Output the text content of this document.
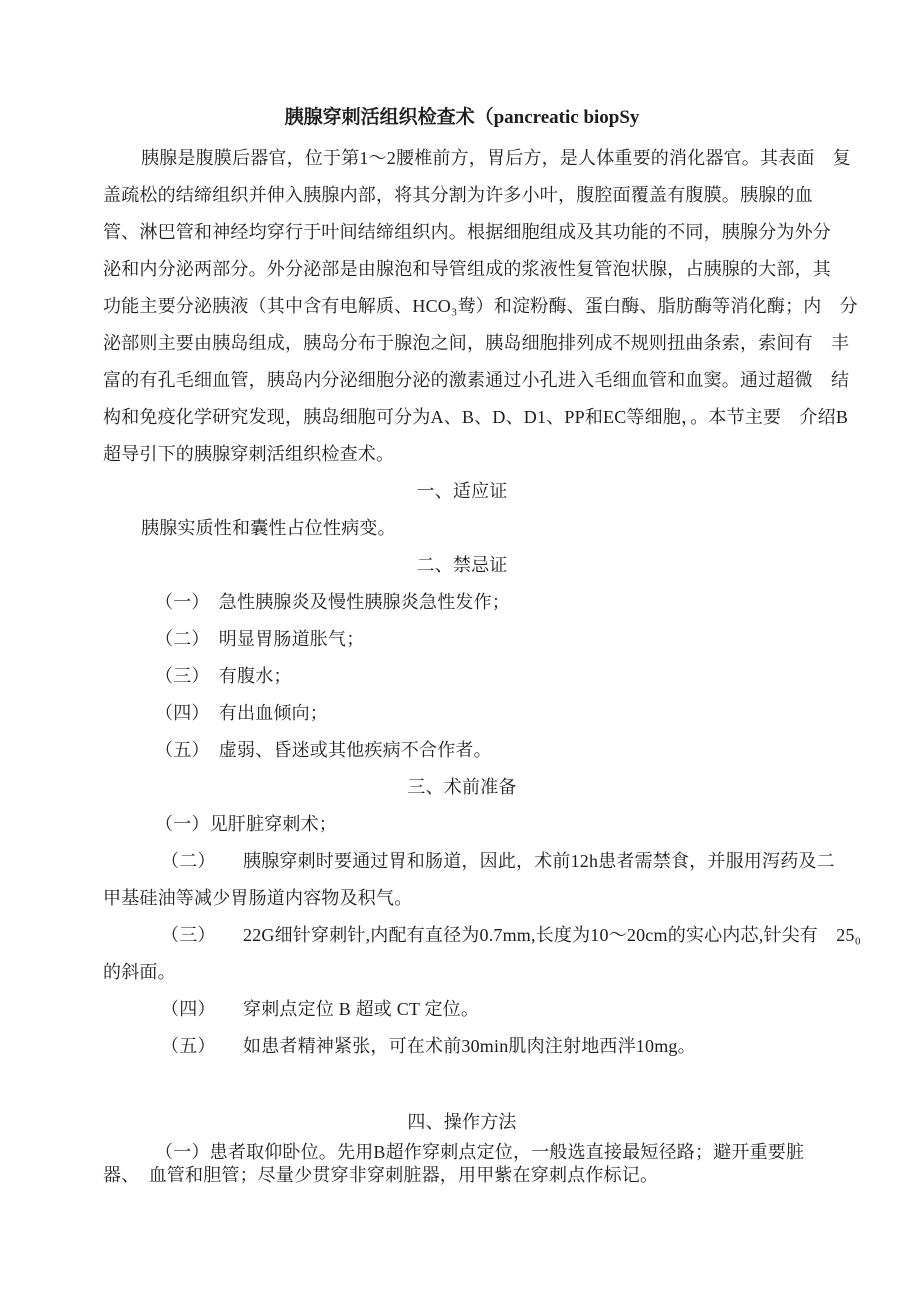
胰腺穿刺活组织检查术（pancreatic biopSy
胰腺是腹膜后器官，位于第1～2腰椎前方，胃后方，是人体重要的消化器官。其表面　复
盖疏松的结缔组织并伸入胰腺内部，将其分割为许多小叶，腹腔面覆盖有腹膜。胰腺的血
管、淋巴管和神经均穿行于叶间结缔组织内。根据细胞组成及其功能的不同，胰腺分为外分
泌和内分泌两部分。外分泌部是由腺泡和导管组成的浆液性复管泡状腺，占胰腺的大部，其
功能主要分泌胰液（其中含有电解质、HCO₃鸯）和淀粉酶、蛋白酶、脂肪酶等消化酶；内　分
泌部则主要由胰岛组成，胰岛分布于腺泡之间，胰岛细胞排列成不规则扭曲条索，索间有　丰
富的有孔毛细血管，胰岛内分泌细胞分泌的激素通过小孔进入毛细血管和血窦。通过超微　结
构和免疫化学研究发现，胰岛细胞可分为A、B、D、D1、PP和EC等细胞，。本节主要　介绍B
超导引下的胰腺穿刺活组织检查术。
一、适应证
胰腺实质性和囊性占位性病变。
二、禁忌证
（一）　急性胰腺炎及慢性胰腺炎急性发作；
（二）　明显胃肠道胀气；
（三）　有腹水；
（四）　有出血倾向；
（五）　虚弱、昏迷或其他疾病不合作者。
三、术前准备
（一）见肝脏穿刺术；
（二）　　胰腺穿刺时要通过胃和肠道，因此，术前12h患者需禁食，并服用泻药及二
甲基硅油等减少胃肠道内容物及积气。
（三）　　22G细针穿刺针,内配有直径为0.7mm,长度为10～20cm的实心内芯,针尖有　25₀
的斜面。
（四）　　穿刺点定位 B 超或 CT 定位。
（五）　　如患者精神紧张，可在术前30min肌肉注射地西泮10mg。
四、操作方法
（一）患者取仰卧位。先用B超作穿刺点定位，一般选直接最短径路；避开重要脏
器、　血管和胆管；尽量少贯穿非穿刺脏器，用甲紫在穿刺点作标记。
